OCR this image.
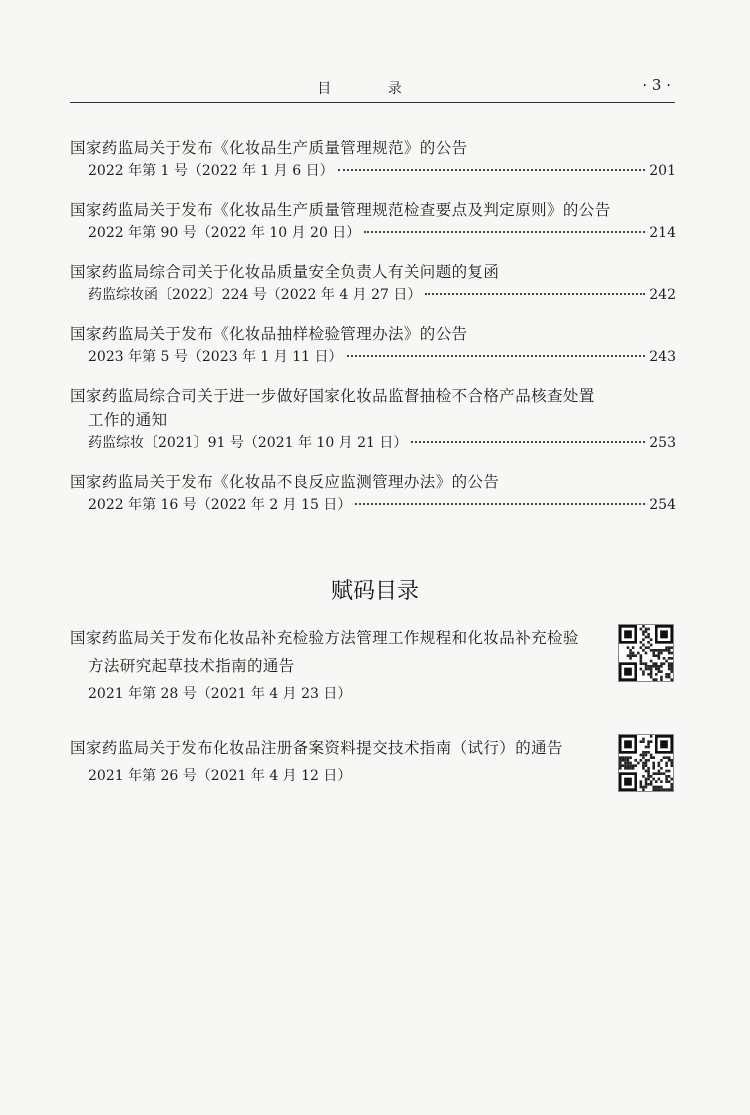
目 录	· 3 ·
国家药监局关于发布《化妆品生产质量管理规范》的公告
2022 年第 1 号（2022 年 1 月 6 日）	201
国家药监局关于发布《化妆品生产质量管理规范检查要点及判定原则》的公告
2022 年第 90 号（2022 年 10 月 20 日）	214
国家药监局综合司关于化妆品质量安全负责人有关问题的复函
药监综妆函〔2022〕224 号（2022 年 4 月 27 日）	242
国家药监局关于发布《化妆品抽样检验管理办法》的公告
2023 年第 5 号（2023 年 1 月 11 日）	243
国家药监局综合司关于进一步做好国家化妆品监督抽检不合格产品核查处置
工作的通知
药监综妆〔2021〕91 号（2021 年 10 月 21 日）	253
国家药监局关于发布《化妆品不良反应监测管理办法》的公告
2022 年第 16 号（2022 年 2 月 15 日）	254
赋码目录
国家药监局关于发布化妆品补充检验方法管理工作规程和化妆品补充检验
方法研究起草技术指南的通告
2021 年第 28 号（2021 年 4 月 23 日）
国家药监局关于发布化妆品注册备案资料提交技术指南（试行）的通告
2021 年第 26 号（2021 年 4 月 12 日）
